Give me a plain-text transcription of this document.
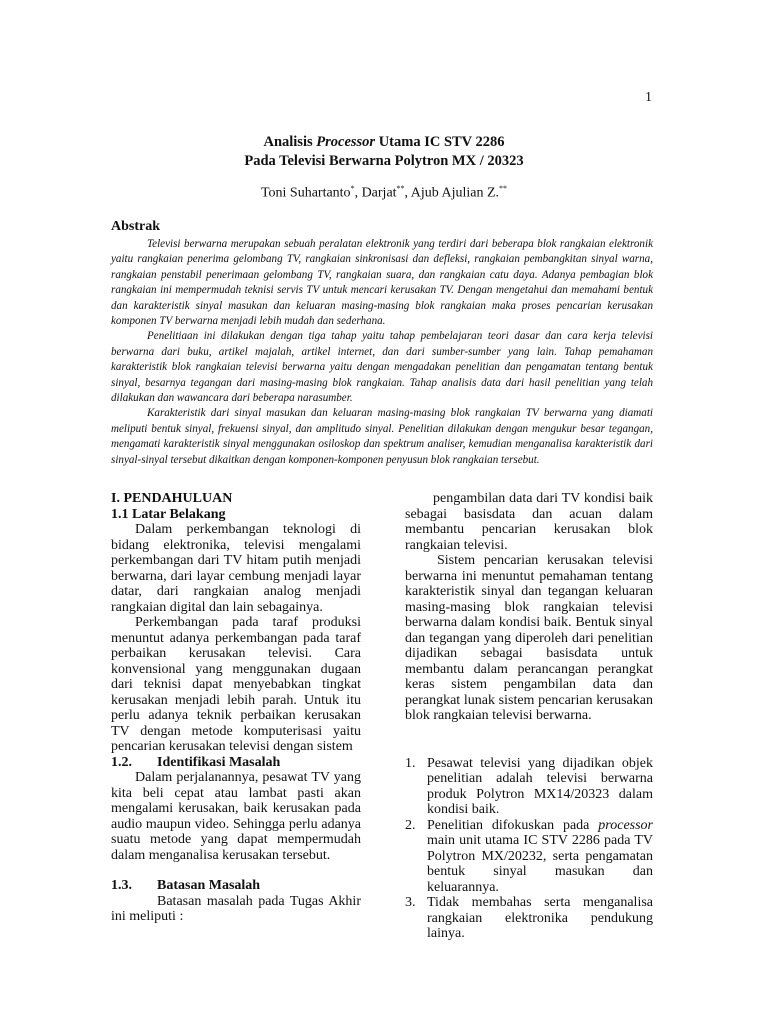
1
Analisis Processor Utama IC STV 2286
Pada Televisi Berwarna Polytron MX / 20323
Toni Suhartanto*, Darjat**, Ajub Ajulian Z.**
Abstrak

Televisi berwarna merupakan sebuah peralatan elektronik yang terdiri dari beberapa blok rangkaian elektronik yaitu rangkaian penerima gelombang TV, rangkaian sinkronisasi dan defleksi, rangkaian pembangkitan sinyal warna, rangkaian penstabil penerimaan gelombang TV, rangkaian suara, dan rangkaian catu daya. Adanya pembagian blok rangkaian ini mempermudah teknisi servis TV untuk mencari kerusakan TV. Dengan mengetahui dan memahami bentuk dan karakteristik sinyal masukan dan keluaran masing-masing blok rangkaian maka proses pencarian kerusakan komponen TV berwarna menjadi lebih mudah dan sederhana.

Penelitiaan ini dilakukan dengan tiga tahap yaitu tahap pembelajaran teori dasar dan cara kerja televisi berwarna dari buku, artikel majalah, artikel internet, dan dari sumber-sumber yang lain. Tahap pemahaman karakteristik blok rangkaian televisi berwarna yaitu dengan mengadakan penelitian dan pengamatan tentang bentuk sinyal, besarnya tegangan dari masing-masing blok rangkaian. Tahap analisis data dari hasil penelitian yang telah dilakukan dan wawancara dari beberapa narasumber.

Karakteristik dari sinyal masukan dan keluaran masing-masing blok rangkaian TV berwarna yang diamati meliputi bentuk sinyal, frekuensi sinyal, dan amplitudo sinyal. Penelitian dilakukan dengan mengukur besar tegangan, mengamati karakteristik sinyal menggunakan osiloskop dan spektrum analiser, kemudian menganalisa karakteristik dari sinyal-sinyal tersebut dikaitkan dengan komponen-komponen penyusun blok rangkaian tersebut.

I. PENDAHULUAN

1.1 Latar Belakang

Dalam perkembangan teknologi di bidang elektronika, televisi mengalami perkembangan dari TV hitam putih menjadi berwarna, dari layar cembung menjadi layar datar, dari rangkaian analog menjadi rangkaian digital dan lain sebagainya.

Perkembangan pada taraf produksi menuntut adanya perkembangan pada taraf perbaikan kerusakan televisi. Cara konvensional yang menggunakan dugaan dari teknisi dapat menyebabkan tingkat kerusakan menjadi lebih parah. Untuk itu perlu adanya teknik perbaikan kerusakan TV dengan metode komputerisasi yaitu pencarian kerusakan televisi dengan sistem

1.2. Identifikasi Masalah

Dalam perjalanannya, pesawat TV yang kita beli cepat atau lambat pasti akan mengalami kerusakan, baik kerusakan pada audio maupun video. Sehingga perlu adanya suatu metode yang dapat mempermudah dalam menganalisa kerusakan tersebut.

1.3. Batasan Masalah

Batasan masalah pada Tugas Akhir ini meliputi :

pengambilan data dari TV kondisi baik sebagai basisdata dan acuan dalam membantu pencarian kerusakan blok rangkaian televisi.

Sistem pencarian kerusakan televisi berwarna ini menuntut pemahaman tentang karakteristik sinyal dan tegangan keluaran masing-masing blok rangkaian televisi berwarna dalam kondisi baik. Bentuk sinyal dan tegangan yang diperoleh dari penelitian dijadikan sebagai basisdata untuk membantu dalam perancangan perangkat keras sistem pengambilan data dan perangkat lunak sistem pencarian kerusakan blok rangkaian televisi berwarna.

1. Pesawat televisi yang dijadikan objek penelitian adalah televisi berwarna produk Polytron MX14/20323 dalam kondisi baik.
2. Penelitian difokuskan pada processor main unit utama IC STV 2286 pada TV Polytron MX/20232, serta pengamatan bentuk sinyal masukan dan keluarannya.
3. Tidak membahas serta menganalisa rangkaian elektronika pendukung lainya.
